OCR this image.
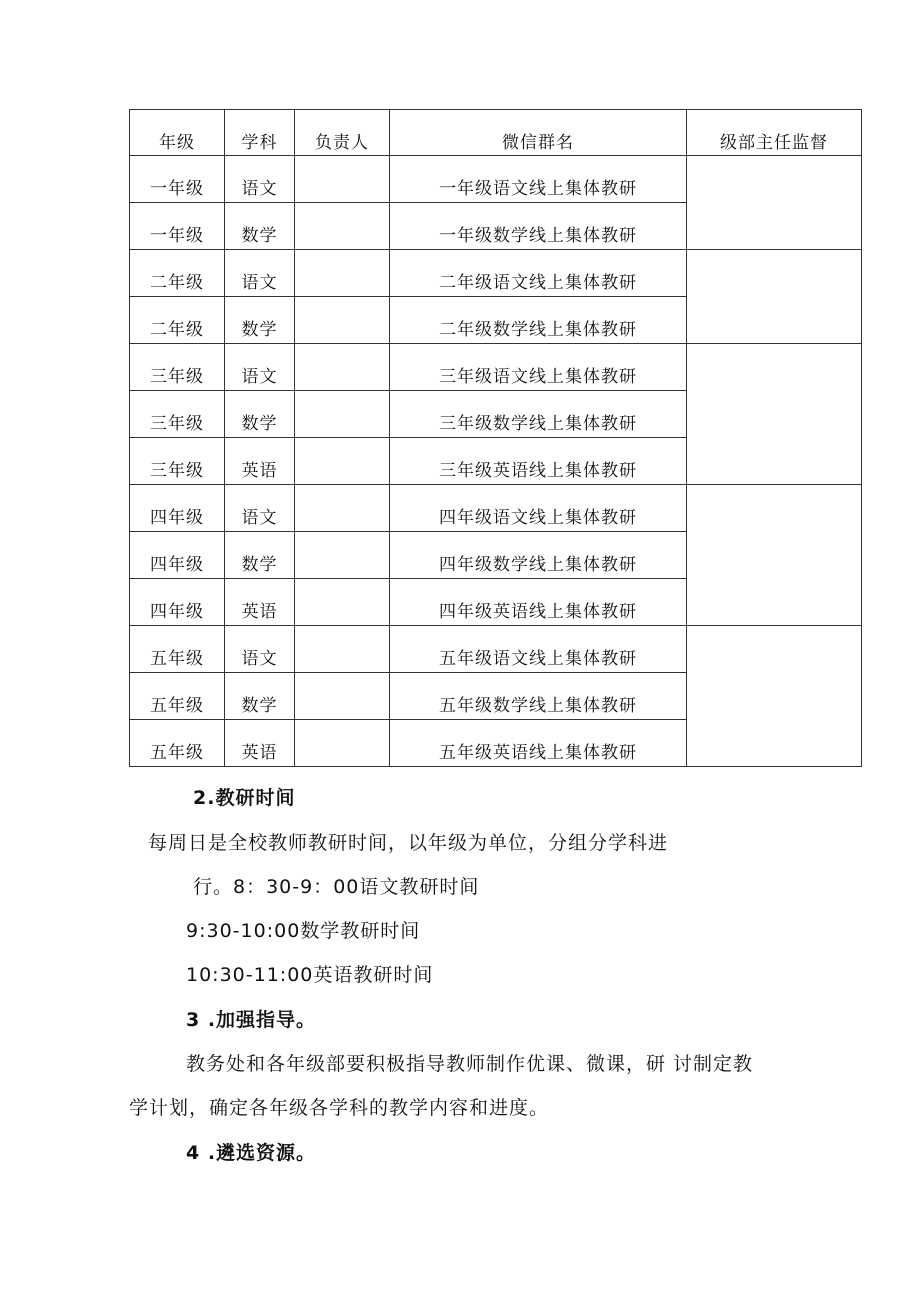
年级	学科	负责人	微信群名	级部主任监督
一年级	语文		一年级语文线上集体教研	
一年级	数学		一年级数学线上集体教研	
二年级	语文		二年级语文线上集体教研	
二年级	数学		二年级数学线上集体教研	
三年级	语文		三年级语文线上集体教研	
三年级	数学		三年级数学线上集体教研	
三年级	英语		三年级英语线上集体教研	
四年级	语文		四年级语文线上集体教研	
四年级	数学		四年级数学线上集体教研	
四年级	英语		四年级英语线上集体教研	
五年级	语文		五年级语文线上集体教研	
五年级	数学		五年级数学线上集体教研	
五年级	英语		五年级英语线上集体教研	

2.教研时间

每周日是全校教师教研时间，以年级为单位，分组分学科进

行。8：30-9：00语文教研时间

9:30-10:00数学教研时间

10:30-11:00英语教研时间

3 .加强指导。

教务处和各年级部要积极指导教师制作优课、微课，研 讨制定教

学计划，确定各年级各学科的教学内容和进度。

4 .遴选资源。
